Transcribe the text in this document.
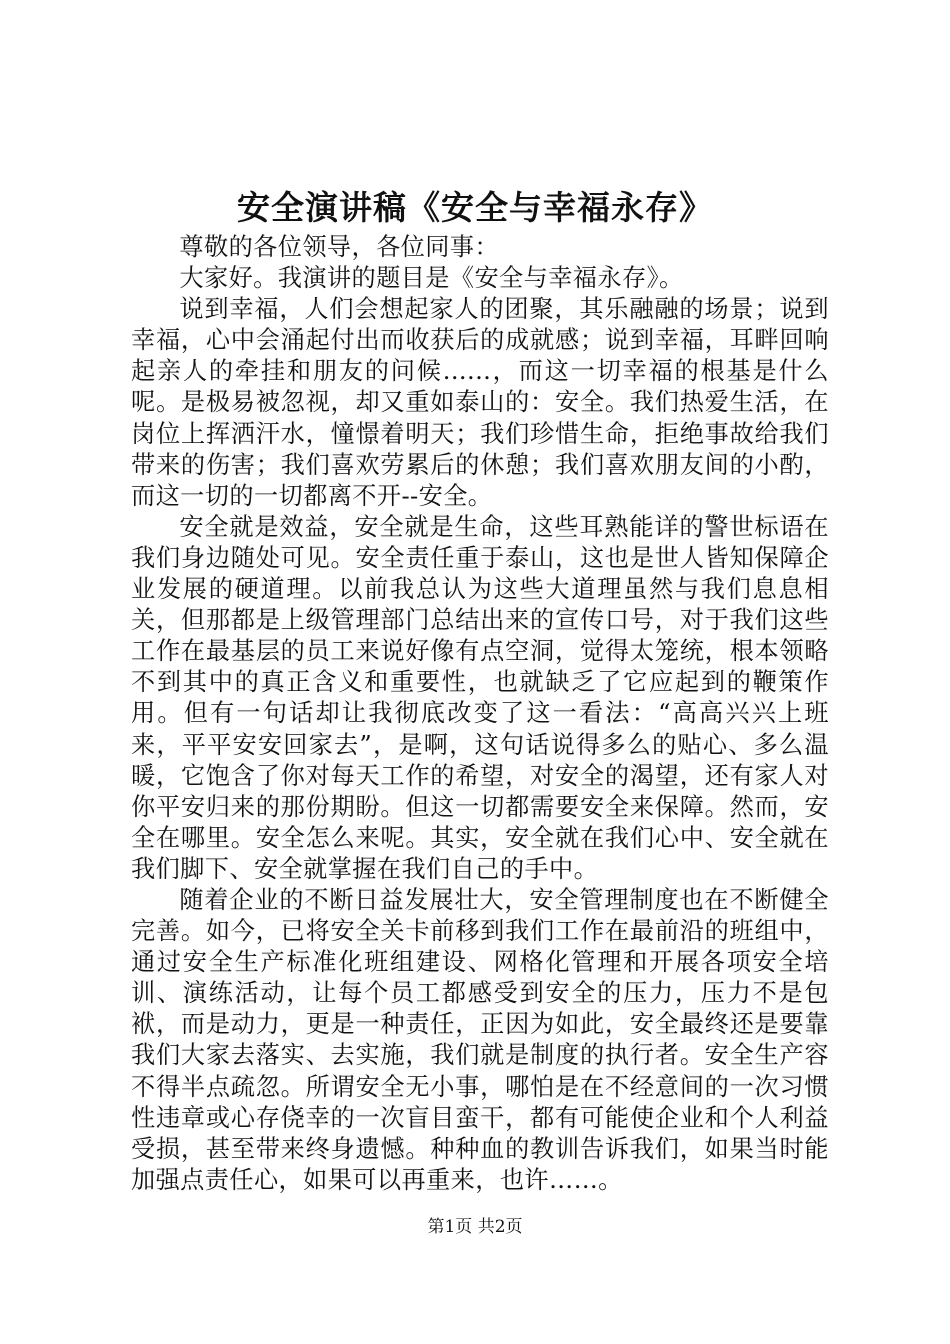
安全演讲稿《安全与幸福永存》

尊敬的各位领导，各位同事：

大家好。我演讲的题目是《安全与幸福永存》。

说到幸福，人们会想起家人的团聚，其乐融融的场景；说到幸福，心中会涌起付出而收获后的成就感；说到幸福，耳畔回响起亲人的牵挂和朋友的问候......，而这一切幸福的根基是什么呢。是极易被忽视，却又重如泰山的：安全。我们热爱生活，在岗位上挥洒汗水，憧憬着明天；我们珍惜生命，拒绝事故给我们带来的伤害；我们喜欢劳累后的休憩；我们喜欢朋友间的小酌，而这一切的一切都离不开--安全。

安全就是效益，安全就是生命，这些耳熟能详的警世标语在我们身边随处可见。安全责任重于泰山，这也是世人皆知保障企业发展的硬道理。以前我总认为这些大道理虽然与我们息息相关，但那都是上级管理部门总结出来的宣传口号，对于我们这些工作在最基层的员工来说好像有点空洞，觉得太笼统，根本领略不到其中的真正含义和重要性，也就缺乏了它应起到的鞭策作用。但有一句话却让我彻底改变了这一看法：“高高兴兴上班来，平平安安回家去”，是啊，这句话说得多么的贴心、多么温暖，它饱含了你对每天工作的希望，对安全的渴望，还有家人对你平安归来的那份期盼。但这一切都需要安全来保障。然而，安全在哪里。安全怎么来呢。其实，安全就在我们心中、安全就在我们脚下、安全就掌握在我们自己的手中。

随着企业的不断日益发展壮大，安全管理制度也在不断健全完善。如今，已将安全关卡前移到我们工作在最前沿的班组中，通过安全生产标准化班组建设、网格化管理和开展各项安全培训、演练活动，让每个员工都感受到安全的压力，压力不是包袱，而是动力，更是一种责任，正因为如此，安全最终还是要靠我们大家去落实、去实施，我们就是制度的执行者。安全生产容不得半点疏忽。所谓安全无小事，哪怕是在不经意间的一次习惯性违章或心存侥幸的一次盲目蛮干，都有可能使企业和个人利益受损，甚至带来终身遗憾。种种血的教训告诉我们，如果当时能加强点责任心，如果可以再重来，也许……。

第1页 共2页
